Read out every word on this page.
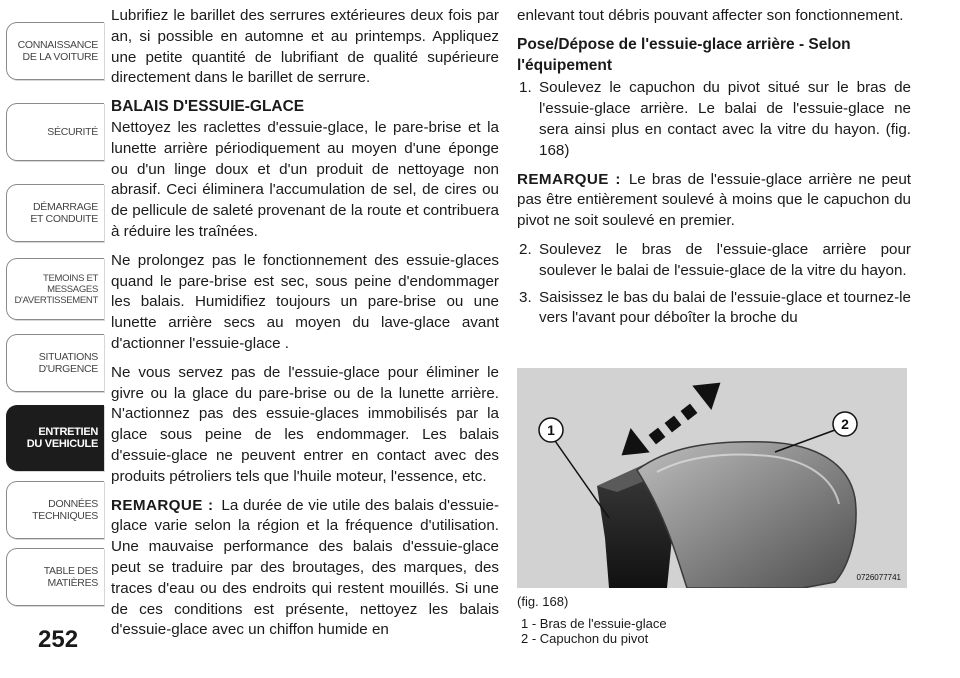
CONNAISSANCE
DE LA VOITURE
SÉCURITÉ
DÉMARRAGE
ET CONDUITE
TEMOINS ET
MESSAGES
D'AVERTISSEMENT
SITUATIONS
D'URGENCE
ENTRETIEN
DU VEHICULE
DONNÉES
TECHNIQUES
TABLE DES
MATIÈRES
252

Lubrifiez le barillet des serrures extérieures deux fois par an, si possible en automne et au printemps. Appliquez une petite quantité de lubrifiant de qualité supérieure directement dans le barillet de serrure.

BALAIS D'ESSUIE-GLACE

Nettoyez les raclettes d'essuie-glace, le pare-brise et la lunette arrière périodiquement au moyen d'une éponge ou d'un linge doux et d'un produit de nettoyage non abrasif. Ceci éliminera l'accumulation de sel, de cires ou de pellicule de saleté provenant de la route et contribuera à réduire les traînées.

Ne prolongez pas le fonctionnement des essuie-glaces quand le pare-brise est sec, sous peine d'endommager les balais. Humidifiez toujours un pare-brise ou une lunette arrière secs au moyen du lave-glace avant d'actionner l'essuie-glace .

Ne vous servez pas de l'essuie-glace pour éliminer le givre ou la glace du pare-brise ou de la lunette arrière. N'actionnez pas des essuie-glaces immobilisés par la glace sous peine de les endommager. Les balais d'essuie-glace ne peuvent entrer en contact avec des produits pétroliers tels que l'huile moteur, l'essence, etc.

REMARQUE : La durée de vie utile des balais d'essuie-glace varie selon la région et la fréquence d'utilisation. Une mauvaise performance des balais d'essuie-glace peut se traduire par des broutages, des marques, des traces d'eau ou des endroits qui restent mouillés. Si une de ces conditions est présente, nettoyez les balais d'essuie-glace avec un chiffon humide en

enlevant tout débris pouvant affecter son fonctionnement.

Pose/Dépose de l'essuie-glace arrière - Selon l'équipement
1. Soulevez le capuchon du pivot situé sur le bras de l'essuie-glace arrière. Le balai de l'essuie-glace ne sera ainsi plus en contact avec la vitre du hayon. (fig. 168)

REMARQUE : Le bras de l'essuie-glace arrière ne peut pas être entièrement soulevé à moins que le capuchon du pivot ne soit soulevé en premier.

2. Soulevez le bras de l'essuie-glace arrière pour soulever le balai de l'essuie-glace de la vitre du hayon.
3. Saisissez le bas du balai de l'essuie-glace et tournez-le vers l'avant pour déboîter la broche du
1	2
0726077741
(fig. 168)
1 - Bras de l'essuie-glace
2 - Capuchon du pivot
